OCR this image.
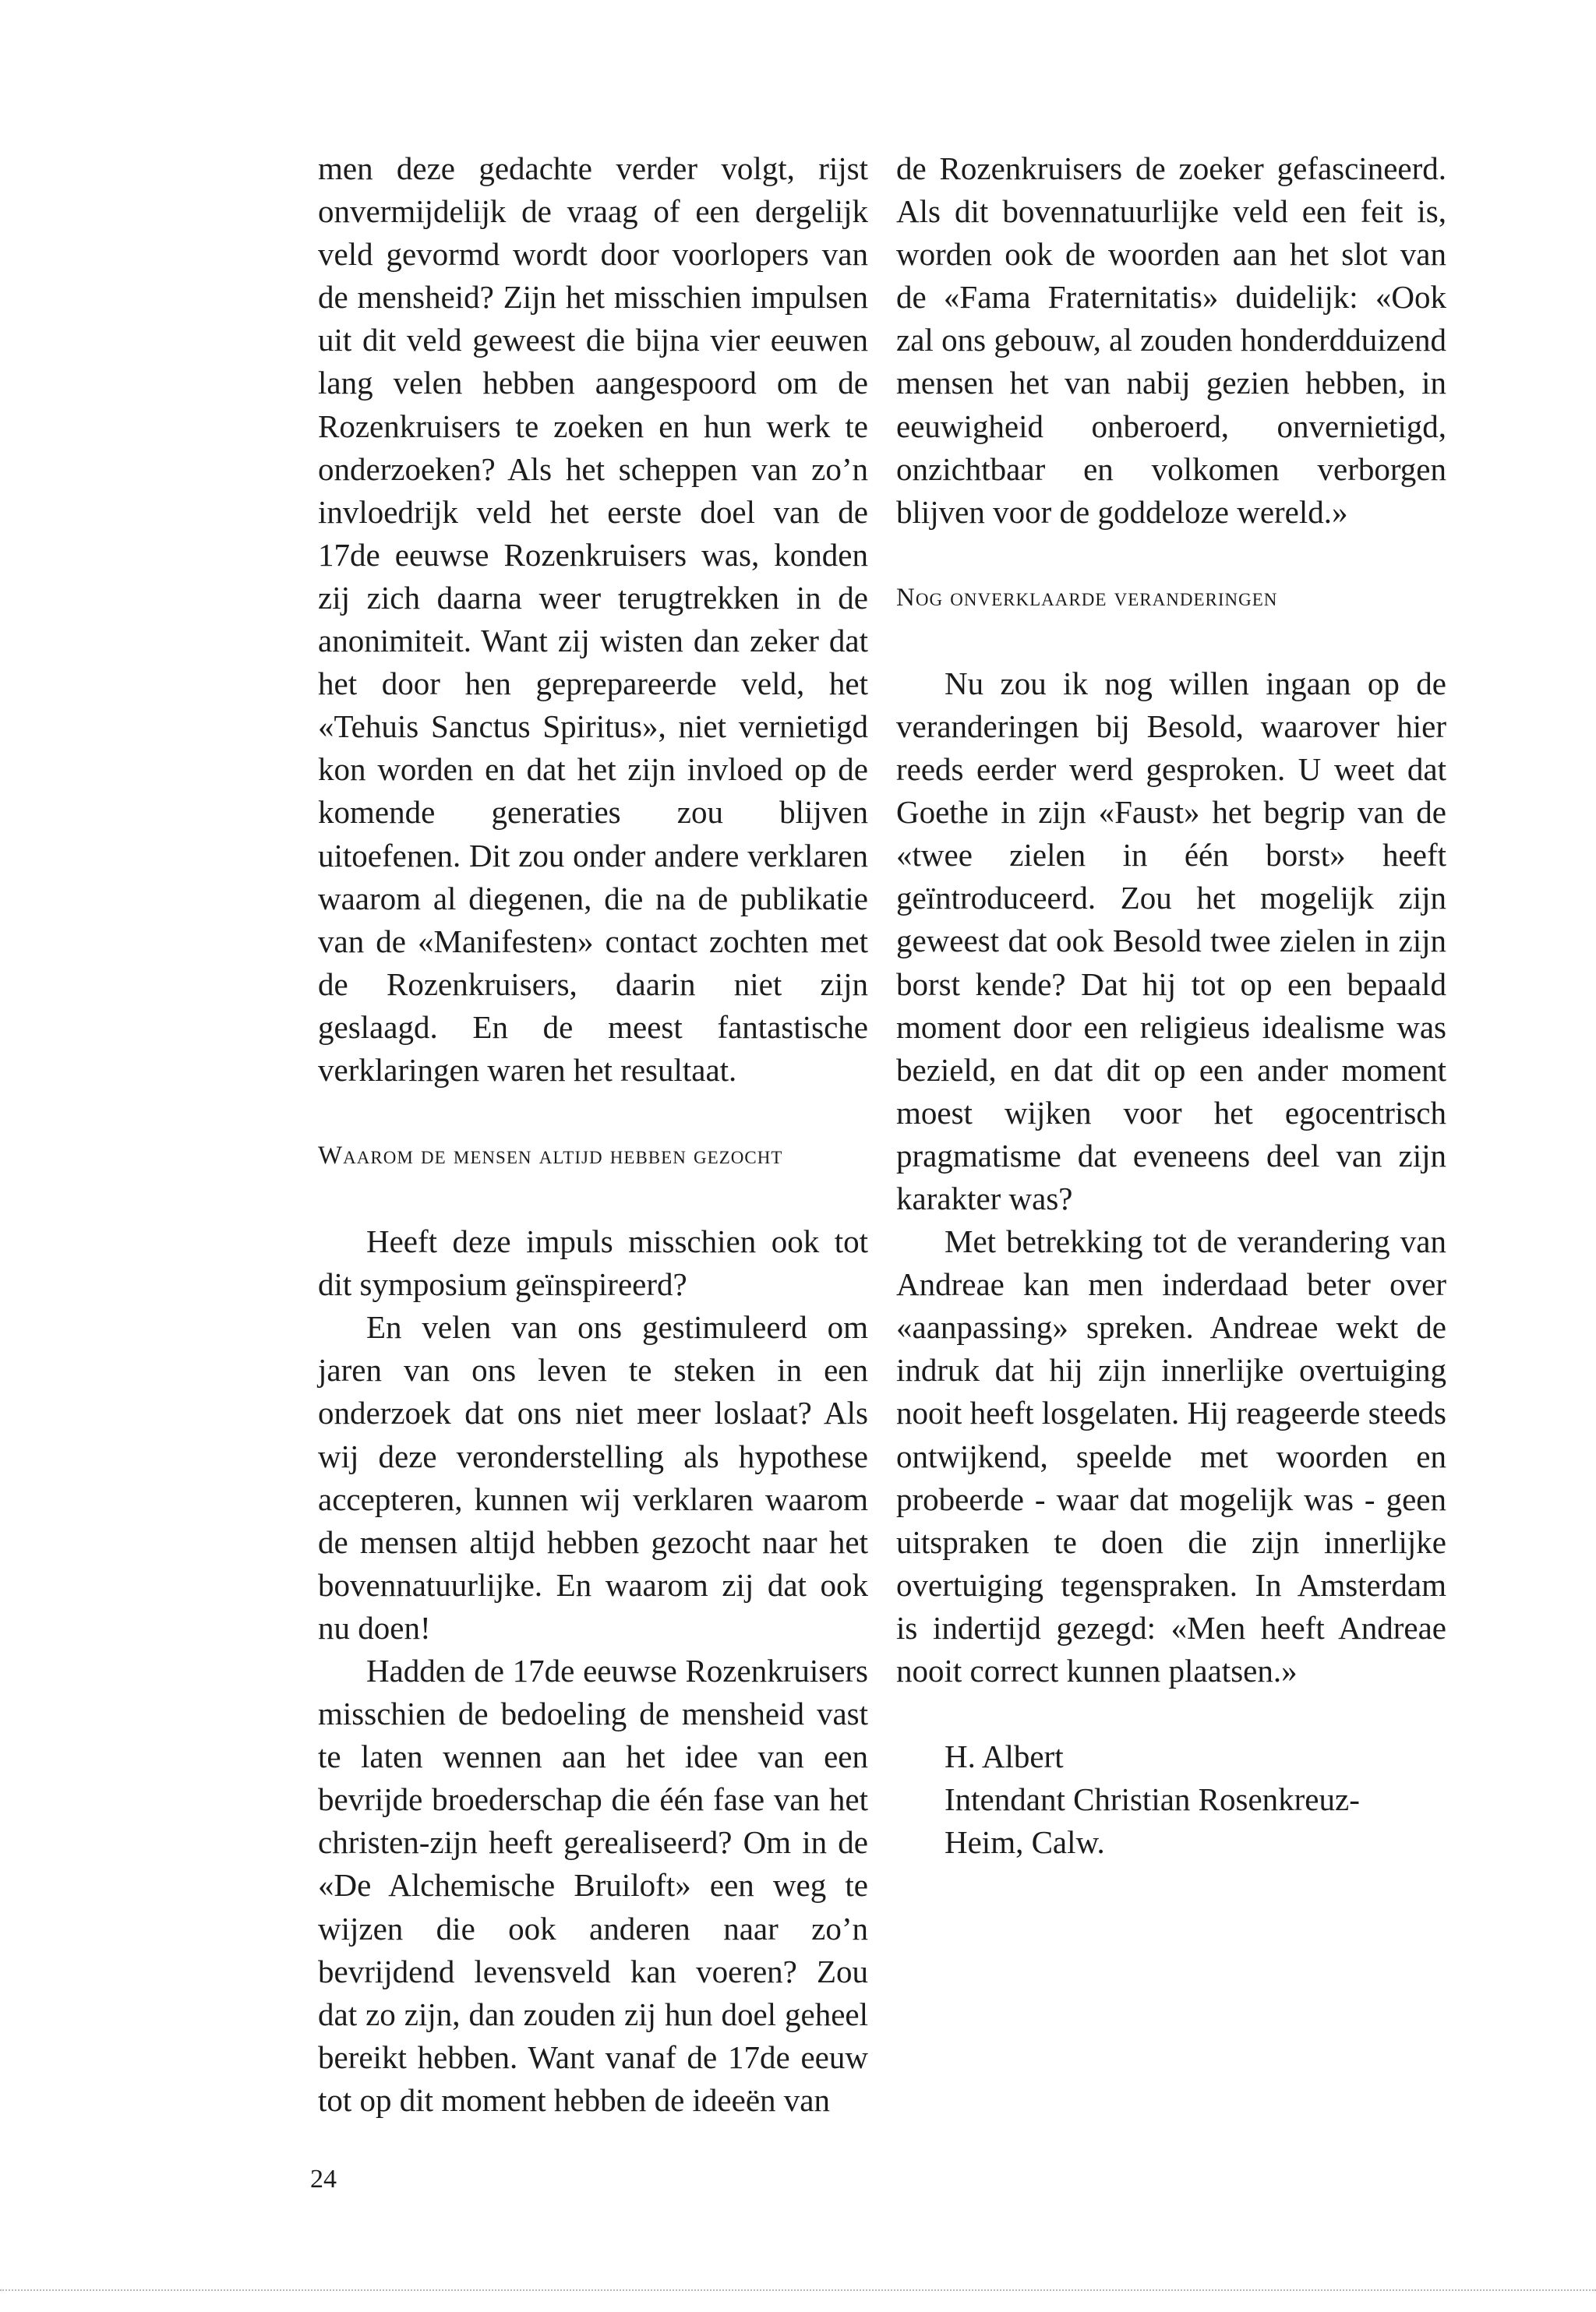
men deze gedachte verder volgt, rijst onvermijdelijk de vraag of een dergelijk veld gevormd wordt door voorlopers van de mensheid? Zijn het misschien impulsen uit dit veld geweest die bijna vier eeuwen lang velen hebben aangespoord om de Rozenkruisers te zoeken en hun werk te onderzoeken? Als het scheppen van zo’n invloedrijk veld het eerste doel van de 17de eeuwse Rozenkruisers was, konden zij zich daarna weer terugtrekken in de anonimiteit. Want zij wisten dan zeker dat het door hen geprepareerde veld, het «Tehuis Sanctus Spiritus», niet vernietigd kon worden en dat het zijn invloed op de komende generaties zou blijven uitoefenen. Dit zou onder andere verklaren waarom al diegenen, die na de publikatie van de «Manifesten» contact zochten met de Rozenkruisers, daarin niet zijn geslaagd. En de meest fantastische verklaringen waren het resultaat.

Waarom de mensen altijd hebben gezocht

Heeft deze impuls misschien ook tot dit symposium geïnspireerd?

En velen van ons gestimuleerd om jaren van ons leven te steken in een onderzoek dat ons niet meer loslaat? Als wij deze veronderstelling als hypothese accepteren, kunnen wij verklaren waarom de mensen altijd hebben gezocht naar het bovennatuurlijke. En waarom zij dat ook nu doen!

Hadden de 17de eeuwse Rozenkruisers misschien de bedoeling de mensheid vast te laten wennen aan het idee van een bevrijde broederschap die één fase van het christen-zijn heeft gerealiseerd? Om in de «De Alchemische Bruiloft» een weg te wijzen die ook anderen naar zo’n bevrijdend levensveld kan voeren? Zou dat zo zijn, dan zouden zij hun doel geheel bereikt hebben. Want vanaf de 17de eeuw tot op dit moment hebben de ideeën van

de Rozenkruisers de zoeker gefascineerd. Als dit bovennatuurlijke veld een feit is, worden ook de woorden aan het slot van de «Fama Fraternitatis» duidelijk: «Ook zal ons gebouw, al zouden honderdduizend mensen het van nabij gezien hebben, in eeuwigheid onberoerd, onvernietigd, onzichtbaar en volkomen verborgen blijven voor de goddeloze wereld.»

Nog onverklaarde veranderingen

Nu zou ik nog willen ingaan op de veranderingen bij Besold, waarover hier reeds eerder werd gesproken. U weet dat Goethe in zijn «Faust» het begrip van de «twee zielen in één borst» heeft geïntroduceerd. Zou het mogelijk zijn geweest dat ook Besold twee zielen in zijn borst kende? Dat hij tot op een bepaald moment door een religieus idealisme was bezield, en dat dit op een ander moment moest wijken voor het egocentrisch pragmatisme dat eveneens deel van zijn karakter was?

Met betrekking tot de verandering van Andreae kan men inderdaad beter over «aanpassing» spreken. Andreae wekt de indruk dat hij zijn innerlijke overtuiging nooit heeft losgelaten. Hij reageerde steeds ontwijkend, speelde met woorden en probeerde - waar dat mogelijk was - geen uitspraken te doen die zijn innerlijke overtuiging tegenspraken. In Amsterdam is indertijd gezegd: «Men heeft Andreae nooit correct kunnen plaatsen.»

H. Albert
Intendant Christian Rosenkreuz-
Heim, Calw.
24
